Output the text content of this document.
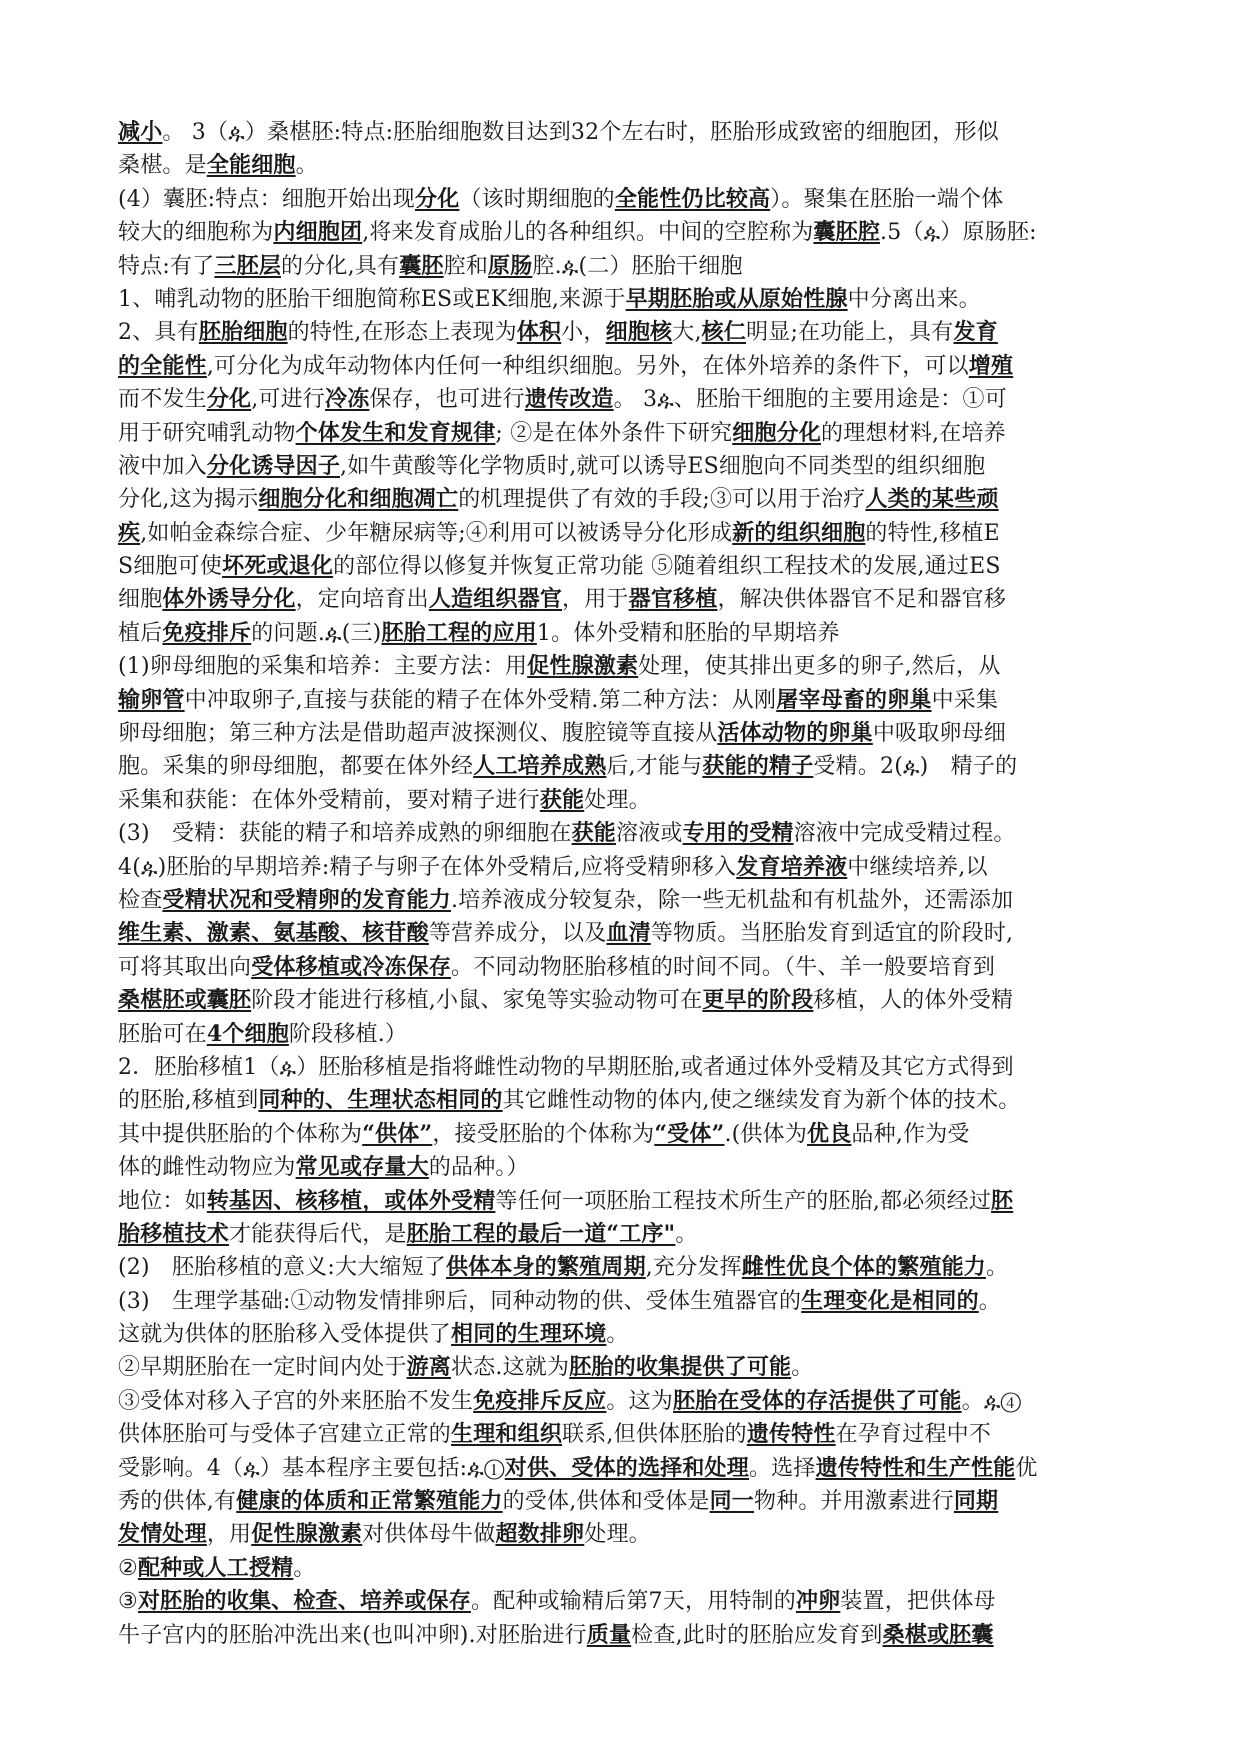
减小。 3（ዹ）桑椹胚:特点:胚胎细胞数目达到32个左右时，胚胎形成致密的细胞团，形似
桑椹。是全能细胞。
(4）囊胚:特点：细胞开始出现分化（该时期细胞的全能性仍比较高）。聚集在胚胎一端个体
较大的细胞称为内细胞团,将来发育成胎儿的各种组织。中间的空腔称为囊胚腔.5（ዹ）原肠胚:
特点:有了三胚层的分化,具有囊胚腔和原肠腔.ዹ(二）胚胎干细胞
1、哺乳动物的胚胎干细胞简称ES或EK细胞,来源于早期胚胎或从原始性腺中分离出来。
2、具有胚胎细胞的特性,在形态上表现为体积小，细胞核大,核仁明显;在功能上，具有发育
的全能性,可分化为成年动物体内任何一种组织细胞。另外，在体外培养的条件下，可以增殖
而不发生分化,可进行冷冻保存，也可进行遗传改造。 3ዹ、胚胎干细胞的主要用途是：①可
用于研究哺乳动物个体发生和发育规律; ②是在体外条件下研究细胞分化的理想材料,在培养
液中加入分化诱导因子,如牛黄酸等化学物质时,就可以诱导ES细胞向不同类型的组织细胞
分化,这为揭示细胞分化和细胞凋亡的机理提供了有效的手段;③可以用于治疗人类的某些顽
疾,如帕金森综合症、少年糖尿病等;④利用可以被诱导分化形成新的组织细胞的特性,移植E
S细胞可使坏死或退化的部位得以修复并恢复正常功能 ⑤随着组织工程技术的发展,通过ES
细胞体外诱导分化，定向培育出人造组织器官，用于器官移植，解决供体器官不足和器官移
植后免疫排斥的问题.ዹ(三)胚胎工程的应用1。体外受精和胚胎的早期培养
(1)卵母细胞的采集和培养：主要方法：用促性腺激素处理，使其排出更多的卵子,然后，从
输卵管中冲取卵子,直接与获能的精子在体外受精.第二种方法：从刚屠宰母畜的卵巢中采集
卵母细胞；第三种方法是借助超声波探测仪、腹腔镜等直接从活体动物的卵巢中吸取卵母细
胞。采集的卵母细胞，都要在体外经人工培养成熟后,才能与获能的精子受精。2(ዹ)　精子的
采集和获能：在体外受精前，要对精子进行获能处理。
(3)　受精：获能的精子和培养成熟的卵细胞在获能溶液或专用的受精溶液中完成受精过程。
4(ዹ)胚胎的早期培养:精子与卵子在体外受精后,应将受精卵移入发育培养液中继续培养,以
检查受精状况和受精卵的发育能力.培养液成分较复杂，除一些无机盐和有机盐外，还需添加
维生素、激素、氨基酸、核苷酸等营养成分，以及血清等物质。当胚胎发育到适宜的阶段时,
可将其取出向受体移植或冷冻保存。不同动物胚胎移植的时间不同。（牛、羊一般要培育到
桑椹胚或囊胚阶段才能进行移植,小鼠、家兔等实验动物可在更早的阶段移植，人的体外受精
胚胎可在4个细胞阶段移植.）
2．胚胎移植1（ዹ）胚胎移植是指将雌性动物的早期胚胎,或者通过体外受精及其它方式得到
的胚胎,移植到同种的、生理状态相同的其它雌性动物的体内,使之继续发育为新个体的技术。
其中提供胚胎的个体称为“供体”，接受胚胎的个体称为“受体”.(供体为优良品种,作为受
体的雌性动物应为常见或存量大的品种。）
地位：如转基因、核移植，或体外受精等任何一项胚胎工程技术所生产的胚胎,都必须经过胚
胎移植技术才能获得后代，是胚胎工程的最后一道“工序"。
(2)　胚胎移植的意义:大大缩短了供体本身的繁殖周期,充分发挥雌性优良个体的繁殖能力。
(3)　生理学基础:①动物发情排卵后，同种动物的供、受体生殖器官的生理变化是相同的。
这就为供体的胚胎移入受体提供了相同的生理环境。
②早期胚胎在一定时间内处于游离状态.这就为胚胎的收集提供了可能。
③受体对移入子宫的外来胚胎不发生免疫排斥反应。这为胚胎在受体的存活提供了可能。ዹ④
供体胚胎可与受体子宫建立正常的生理和组织联系,但供体胚胎的遗传特性在孕育过程中不
受影响。4（ዹ）基本程序主要包括:ዹ①对供、受体的选择和处理。选择遗传特性和生产性能优
秀的供体,有健康的体质和正常繁殖能力的受体,供体和受体是同一物种。并用激素进行同期
发情处理，用促性腺激素对供体母牛做超数排卵处理。
②配种或人工授精。
③对胚胎的收集、检查、培养或保存。配种或输精后第7天，用特制的冲卵装置，把供体母
牛子宫内的胚胎冲洗出来(也叫冲卵).对胚胎进行质量检查,此时的胚胎应发育到桑椹或胚囊
